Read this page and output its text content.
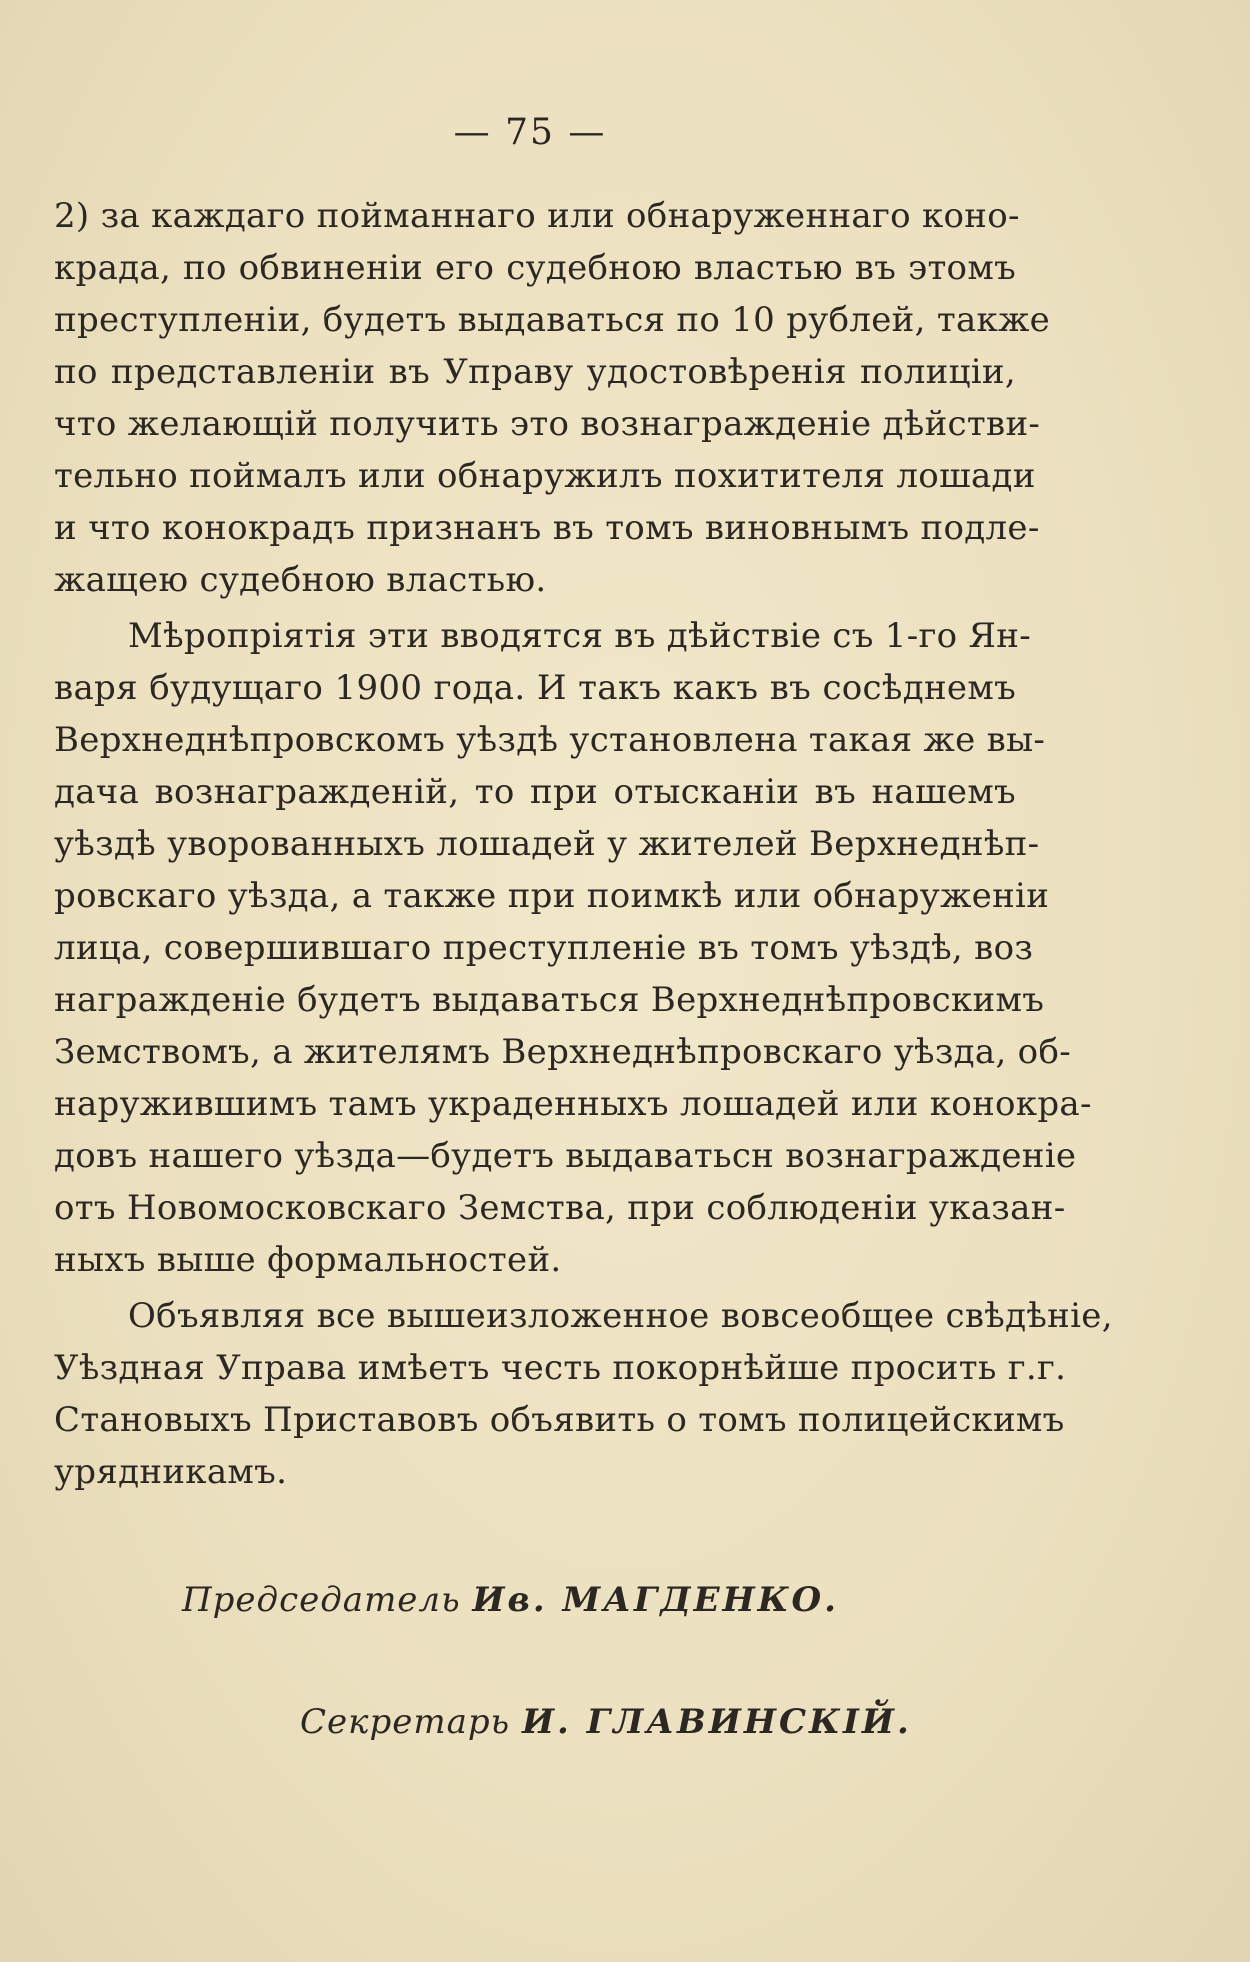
— 75 —
2) за каждаго пойманнаго или обнаруженнаго коно-
крада, по обвиненіи его судебною властью въ этомъ
преступленіи, будетъ выдаваться по 10 рублей, также
по представленіи въ Управу удостовѣренія полиціи,
что желающій получить это вознагражденіе дѣйстви-
тельно поймалъ или обнаружилъ похитителя лошади
и что конокрадъ признанъ въ томъ виновнымъ подле-
жащею судебною властью.
Мѣропріятія эти вводятся въ дѣйствіе съ 1-го Ян-
варя будущаго 1900 года. И такъ какъ въ сосѣднемъ
Верхнеднѣпровскомъ уѣздѣ установлена такая же вы-
дача вознагражденій, то при отысканіи въ нашемъ
уѣздѣ уворованныхъ лошадей у жителей Верхнеднѣп-
ровскаго уѣзда, а также при поимкѣ или обнаруженіи
лица, совершившаго преступленіе въ томъ уѣздѣ, воз
награжденіе будетъ выдаваться Верхнеднѣпровскимъ
Земствомъ, а жителямъ Верхнеднѣпровскаго уѣзда, об-
наружившимъ тамъ украденныхъ лошадей или конокра-
довъ нашего уѣзда—будетъ выдаватьсн вознагражденіе
отъ Новомосковскаго Земства, при соблюденіи указан-
ныхъ выше формальностей.
Объявляя все вышеизложенное вовсеобщее свѣдѣніе,
Уѣздная Управа имѣетъ честь покорнѣйше просить г.г.
Становыхъ Приставовъ объявить о томъ полицейскимъ
урядникамъ.
Председатель Ив. МАГДЕНКО.
Секретарь И. ГЛАВИНСКІЙ.
